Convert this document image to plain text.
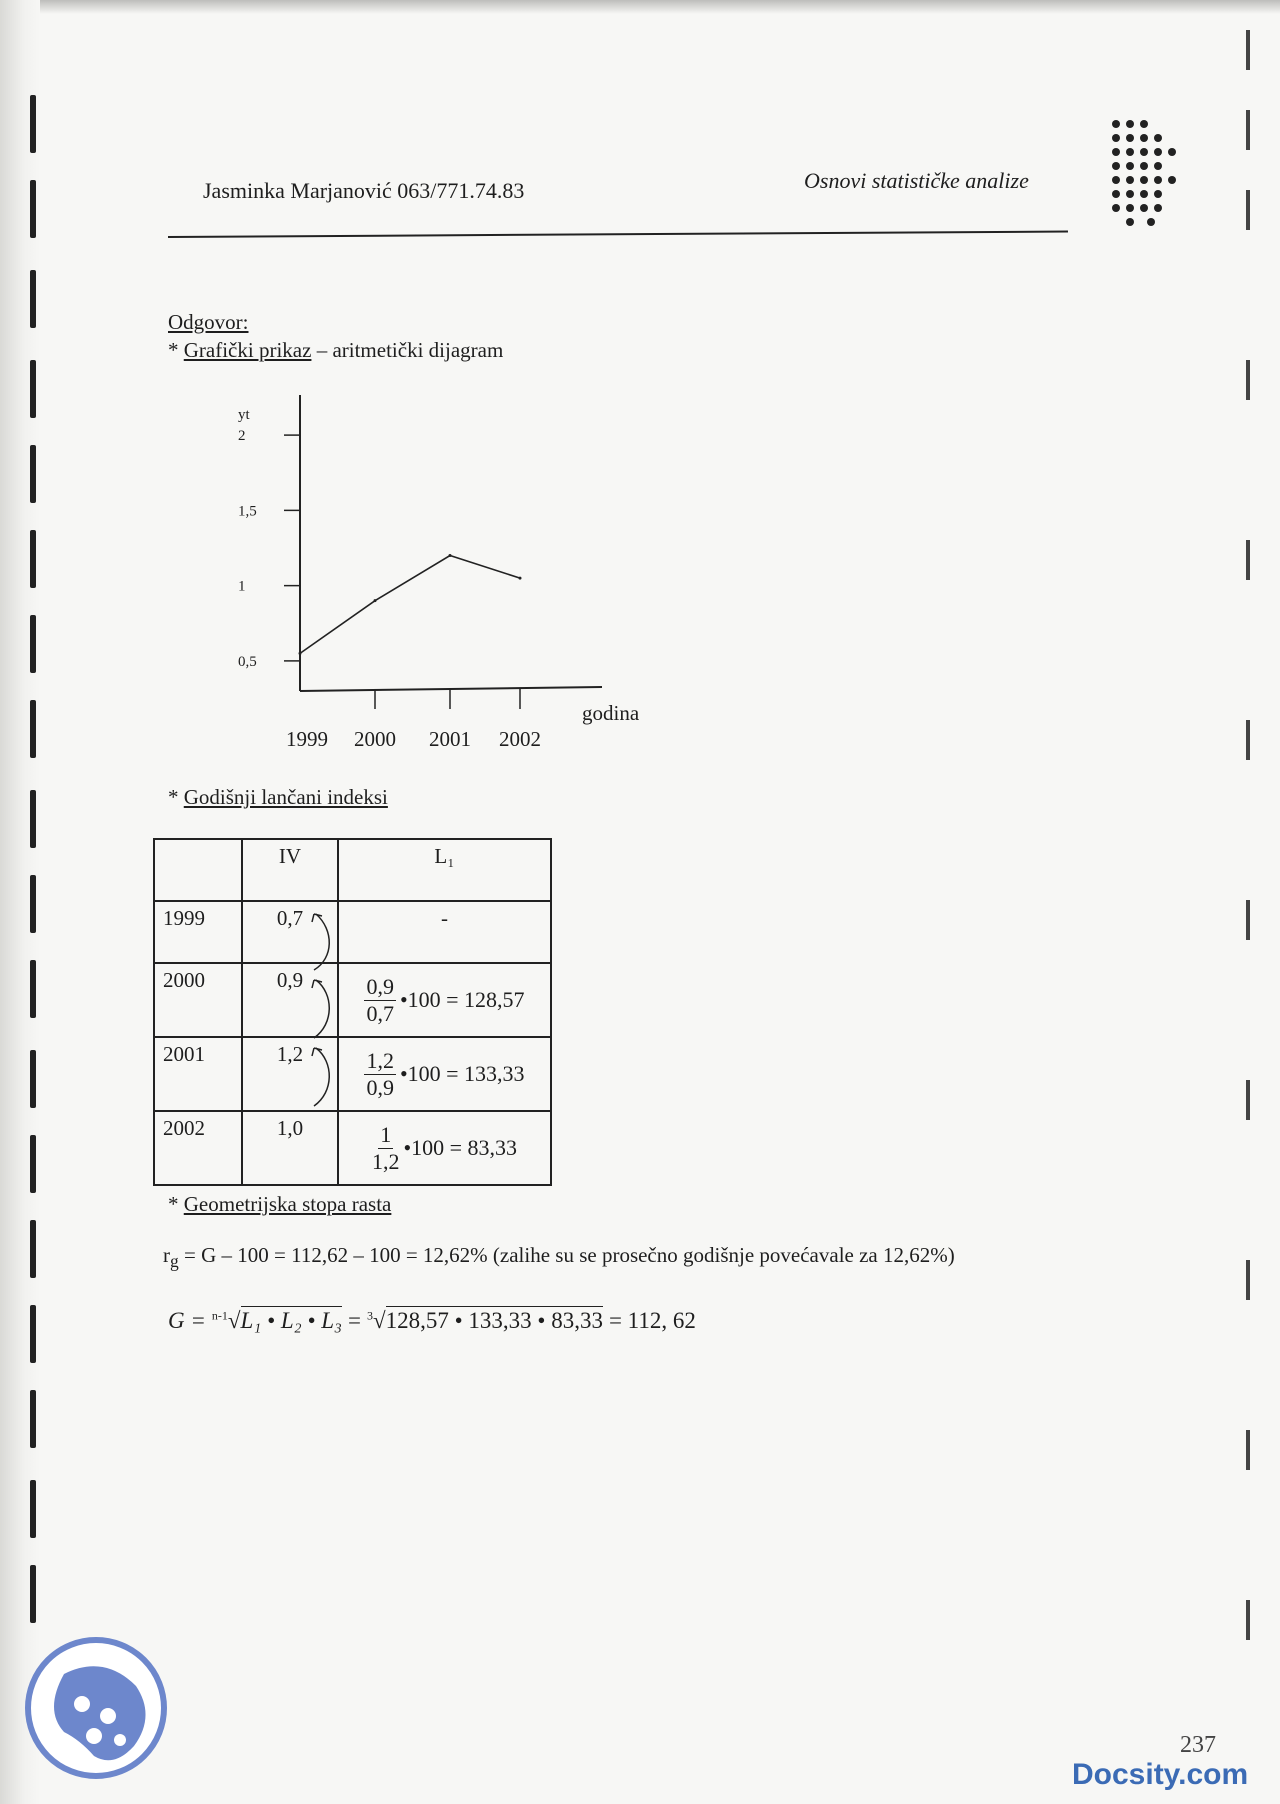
Jasminka Marjanović 063/771.74.83	Osnovi statističke analize
Odgovor:
* Grafički prikaz – aritmetički dijagram
yt
godina
0,5
1
1,5
2
1999 2000 2001 2002
* Godišnji lančani indeksi
	IV	L₁
1999	0,7	-
2000	0,9	$\frac{0,9}{0,7}$ •100 = 128,57

2001	1,2	$\frac{1,2}{0,9}$ •100 = 133,33

2002	1,0	$\frac{1}{1,2}$ •100 = 83,33
* Geometrijska stopa rasta
$r_g = G - 100 = 112,62 - 100 = 12,62\%$ (zalihe su se prosečno godišnje povećavale za 12,62%)
G = $^{n-1}$√L₁ • L₂ • L₃ = $^3$√128,57 • 133,33 • 83,33 = 112, 62
237
Docsity.com
